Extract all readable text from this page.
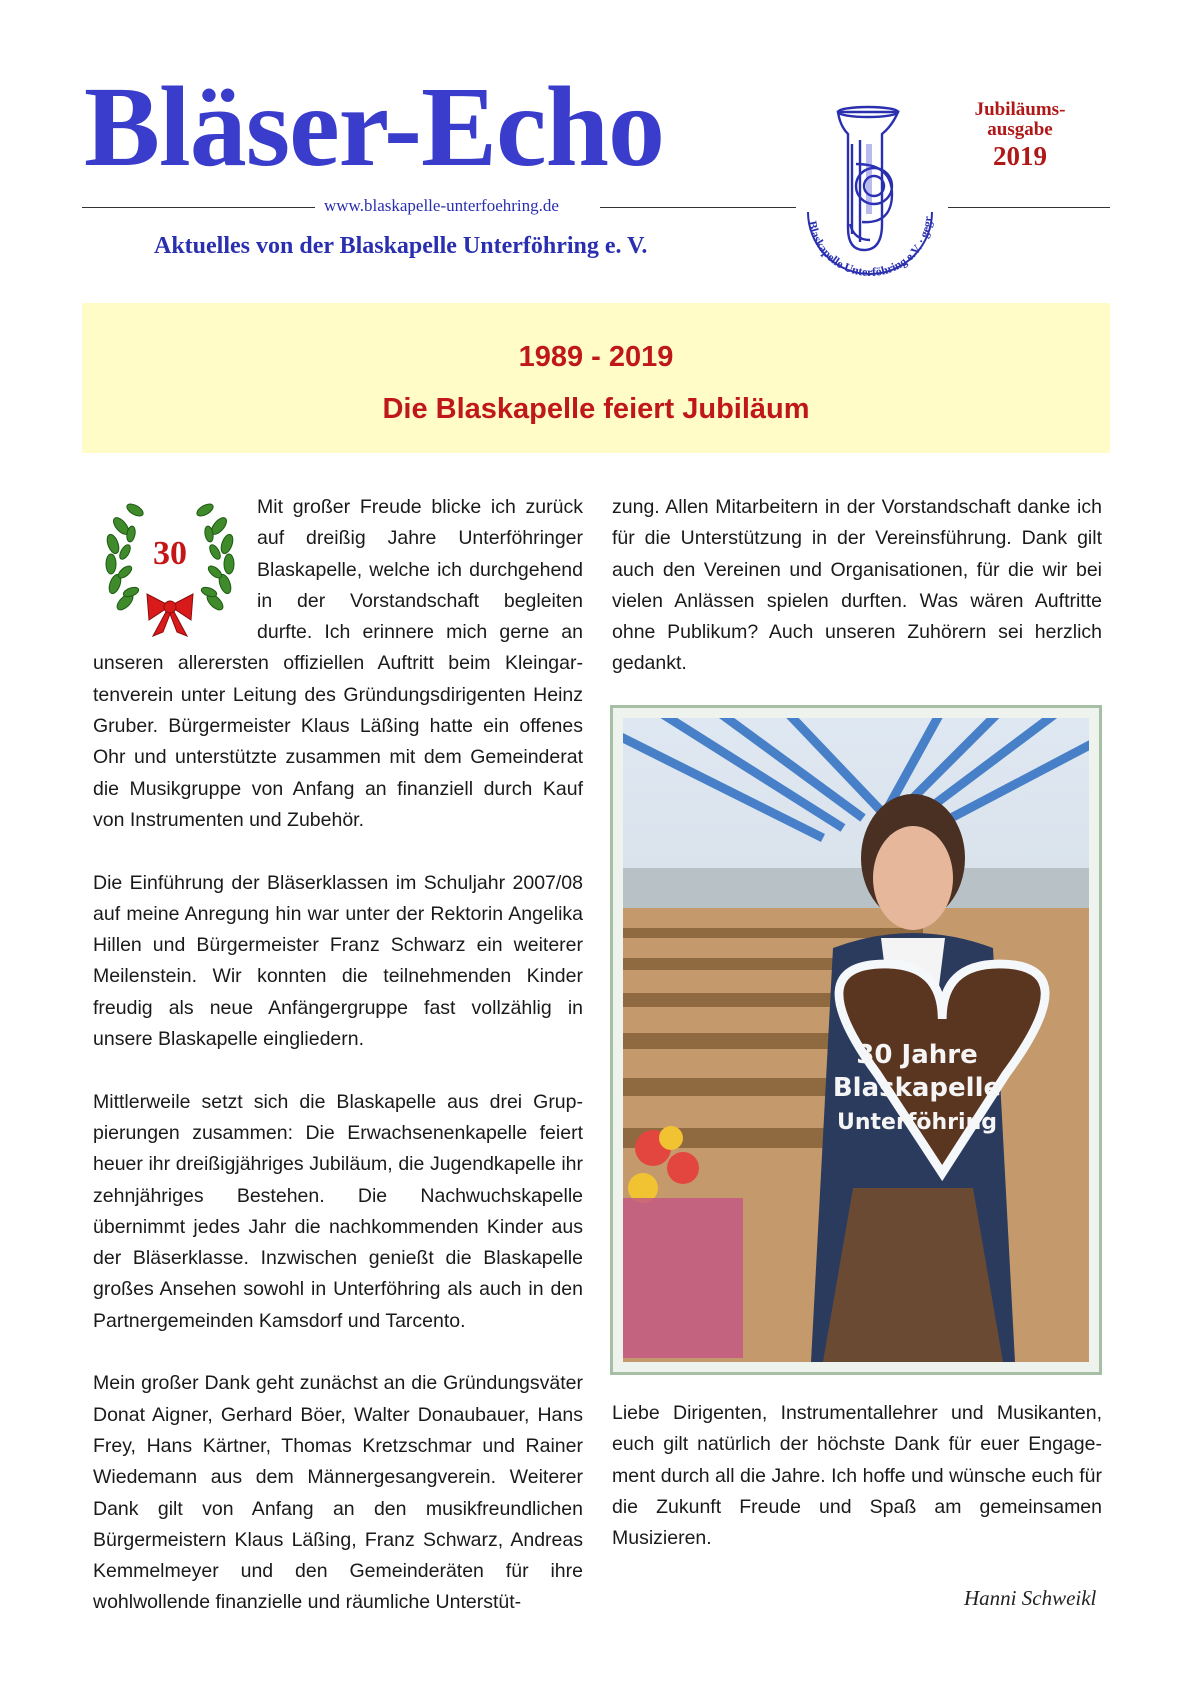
Bläser-Echo
www.blaskapelle-unterfoehring.de
Aktuelles von der Blaskapelle Unterföhring e. V.
Blaskapelle Unterföhring e.V. · gegr
Jubiläums-
ausgabe
2019
1989 - 2019
Die Blaskapelle feiert Jubiläum
30

Mit großer Freude blicke ich zurück auf dreißig Jahre Unterföhringer Blaskapelle, welche ich durchgehend in der Vorstandschaft begleiten durfte. Ich erinnere mich gerne an unseren allerersten offiziellen Auftritt beim Kleingartenverein unter Leitung des Gründungsdirigenten Heinz Gruber. Bürgermeister Klaus Läßing hatte ein offenes Ohr und unterstützte zusammen mit dem Gemeinderat die Musikgruppe von Anfang an finanziell durch Kauf von Instrumenten und Zubehör.

Die Einführung der Bläserklassen im Schuljahr 2007/08 auf meine Anregung hin war unter der Rektorin Angelika Hillen und Bürgermeister Franz Schwarz ein weiterer Meilenstein. Wir konnten die teilnehmenden Kinder freudig als neue Anfängergruppe fast vollzählig in unsere Blaskapelle eingliedern.

Mittlerweile setzt sich die Blaskapelle aus drei Gruppierungen zusammen: Die Erwachsenenkapelle feiert heuer ihr dreißigjähriges Jubiläum, die Jugendkapelle ihr zehnjähriges Bestehen. Die Nachwuchskapelle übernimmt jedes Jahr die nachkommenden Kinder aus der Bläserklasse. Inzwischen genießt die Blaskapelle großes Ansehen sowohl in Unterföhring als auch in den Partnergemeinden Kamsdorf und Tarcento.

Mein großer Dank geht zunächst an die Gründungsväter Donat Aigner, Gerhard Böer, Walter Donaubauer, Hans Frey, Hans Kärtner, Thomas Kretzschmar und Rainer Wiedemann aus dem Männergesangverein. Weiterer Dank gilt von Anfang an den musikfreundlichen Bürgermeistern Klaus Läßing, Franz Schwarz, Andreas Kemmelmeyer und den Gemeinderäten für ihre wohlwollende finanzielle und räumliche Unterstüt-

zung. Allen Mitarbeitern in der Vorstandschaft danke ich für die Unterstützung in der Vereinsführung. Dank gilt auch den Vereinen und Organisationen, für die wir bei vielen Anlässen spielen durften. Was wären Auftritte ohne Publikum? Auch unseren Zuhörern sei herzlich gedankt.

30 Jahre
Blaskapelle
Unterföhring

Liebe Dirigenten, Instrumentallehrer und Musikanten, euch gilt natürlich der höchste Dank für euer Engagement durch all die Jahre. Ich hoffe und wünsche euch für die Zukunft Freude und Spaß am gemeinsamen Musizieren.

Hanni Schweikl
